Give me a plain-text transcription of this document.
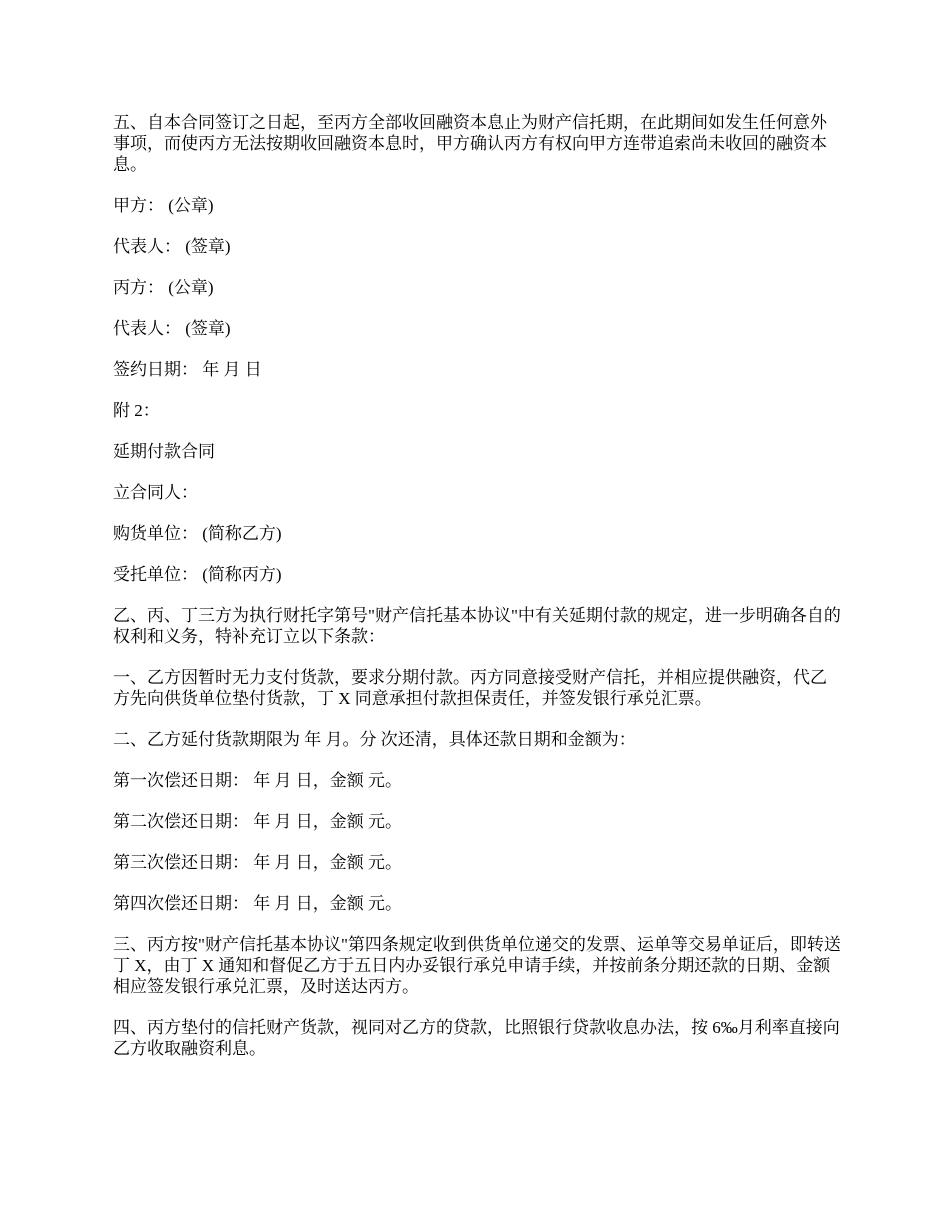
五、自本合同签订之日起，至丙方全部收回融资本息止为财产信托期，在此期间如发生任何意外事项，而使丙方无法按期收回融资本息时，甲方确认丙方有权向甲方连带追索尚未收回的融资本息。

甲方： (公章)

代表人： (签章)

丙方： (公章)

代表人： (签章)

签约日期： 年 月 日

附 2：

延期付款合同

立合同人：

购货单位： (简称乙方)

受托单位： (简称丙方)

乙、丙、丁三方为执行财托字第号"财产信托基本协议"中有关延期付款的规定，进一步明确各自的权利和义务，特补充订立以下条款：

一、乙方因暂时无力支付货款，要求分期付款。丙方同意接受财产信托，并相应提供融资，代乙方先向供货单位垫付货款，丁 X 同意承担付款担保责任，并签发银行承兑汇票。

二、乙方延付货款期限为 年 月。分 次还清，具体还款日期和金额为：

第一次偿还日期： 年 月 日，金额 元。

第二次偿还日期： 年 月 日，金额 元。

第三次偿还日期： 年 月 日，金额 元。

第四次偿还日期： 年 月 日，金额 元。

三、丙方按"财产信托基本协议"第四条规定收到供货单位递交的发票、运单等交易单证后，即转送丁 X，由丁 X 通知和督促乙方于五日内办妥银行承兑申请手续，并按前条分期还款的日期、金额相应签发银行承兑汇票，及时送达丙方。

四、丙方垫付的信托财产货款，视同对乙方的贷款，比照银行贷款收息办法，按 6‰月利率直接向乙方收取融资利息。
